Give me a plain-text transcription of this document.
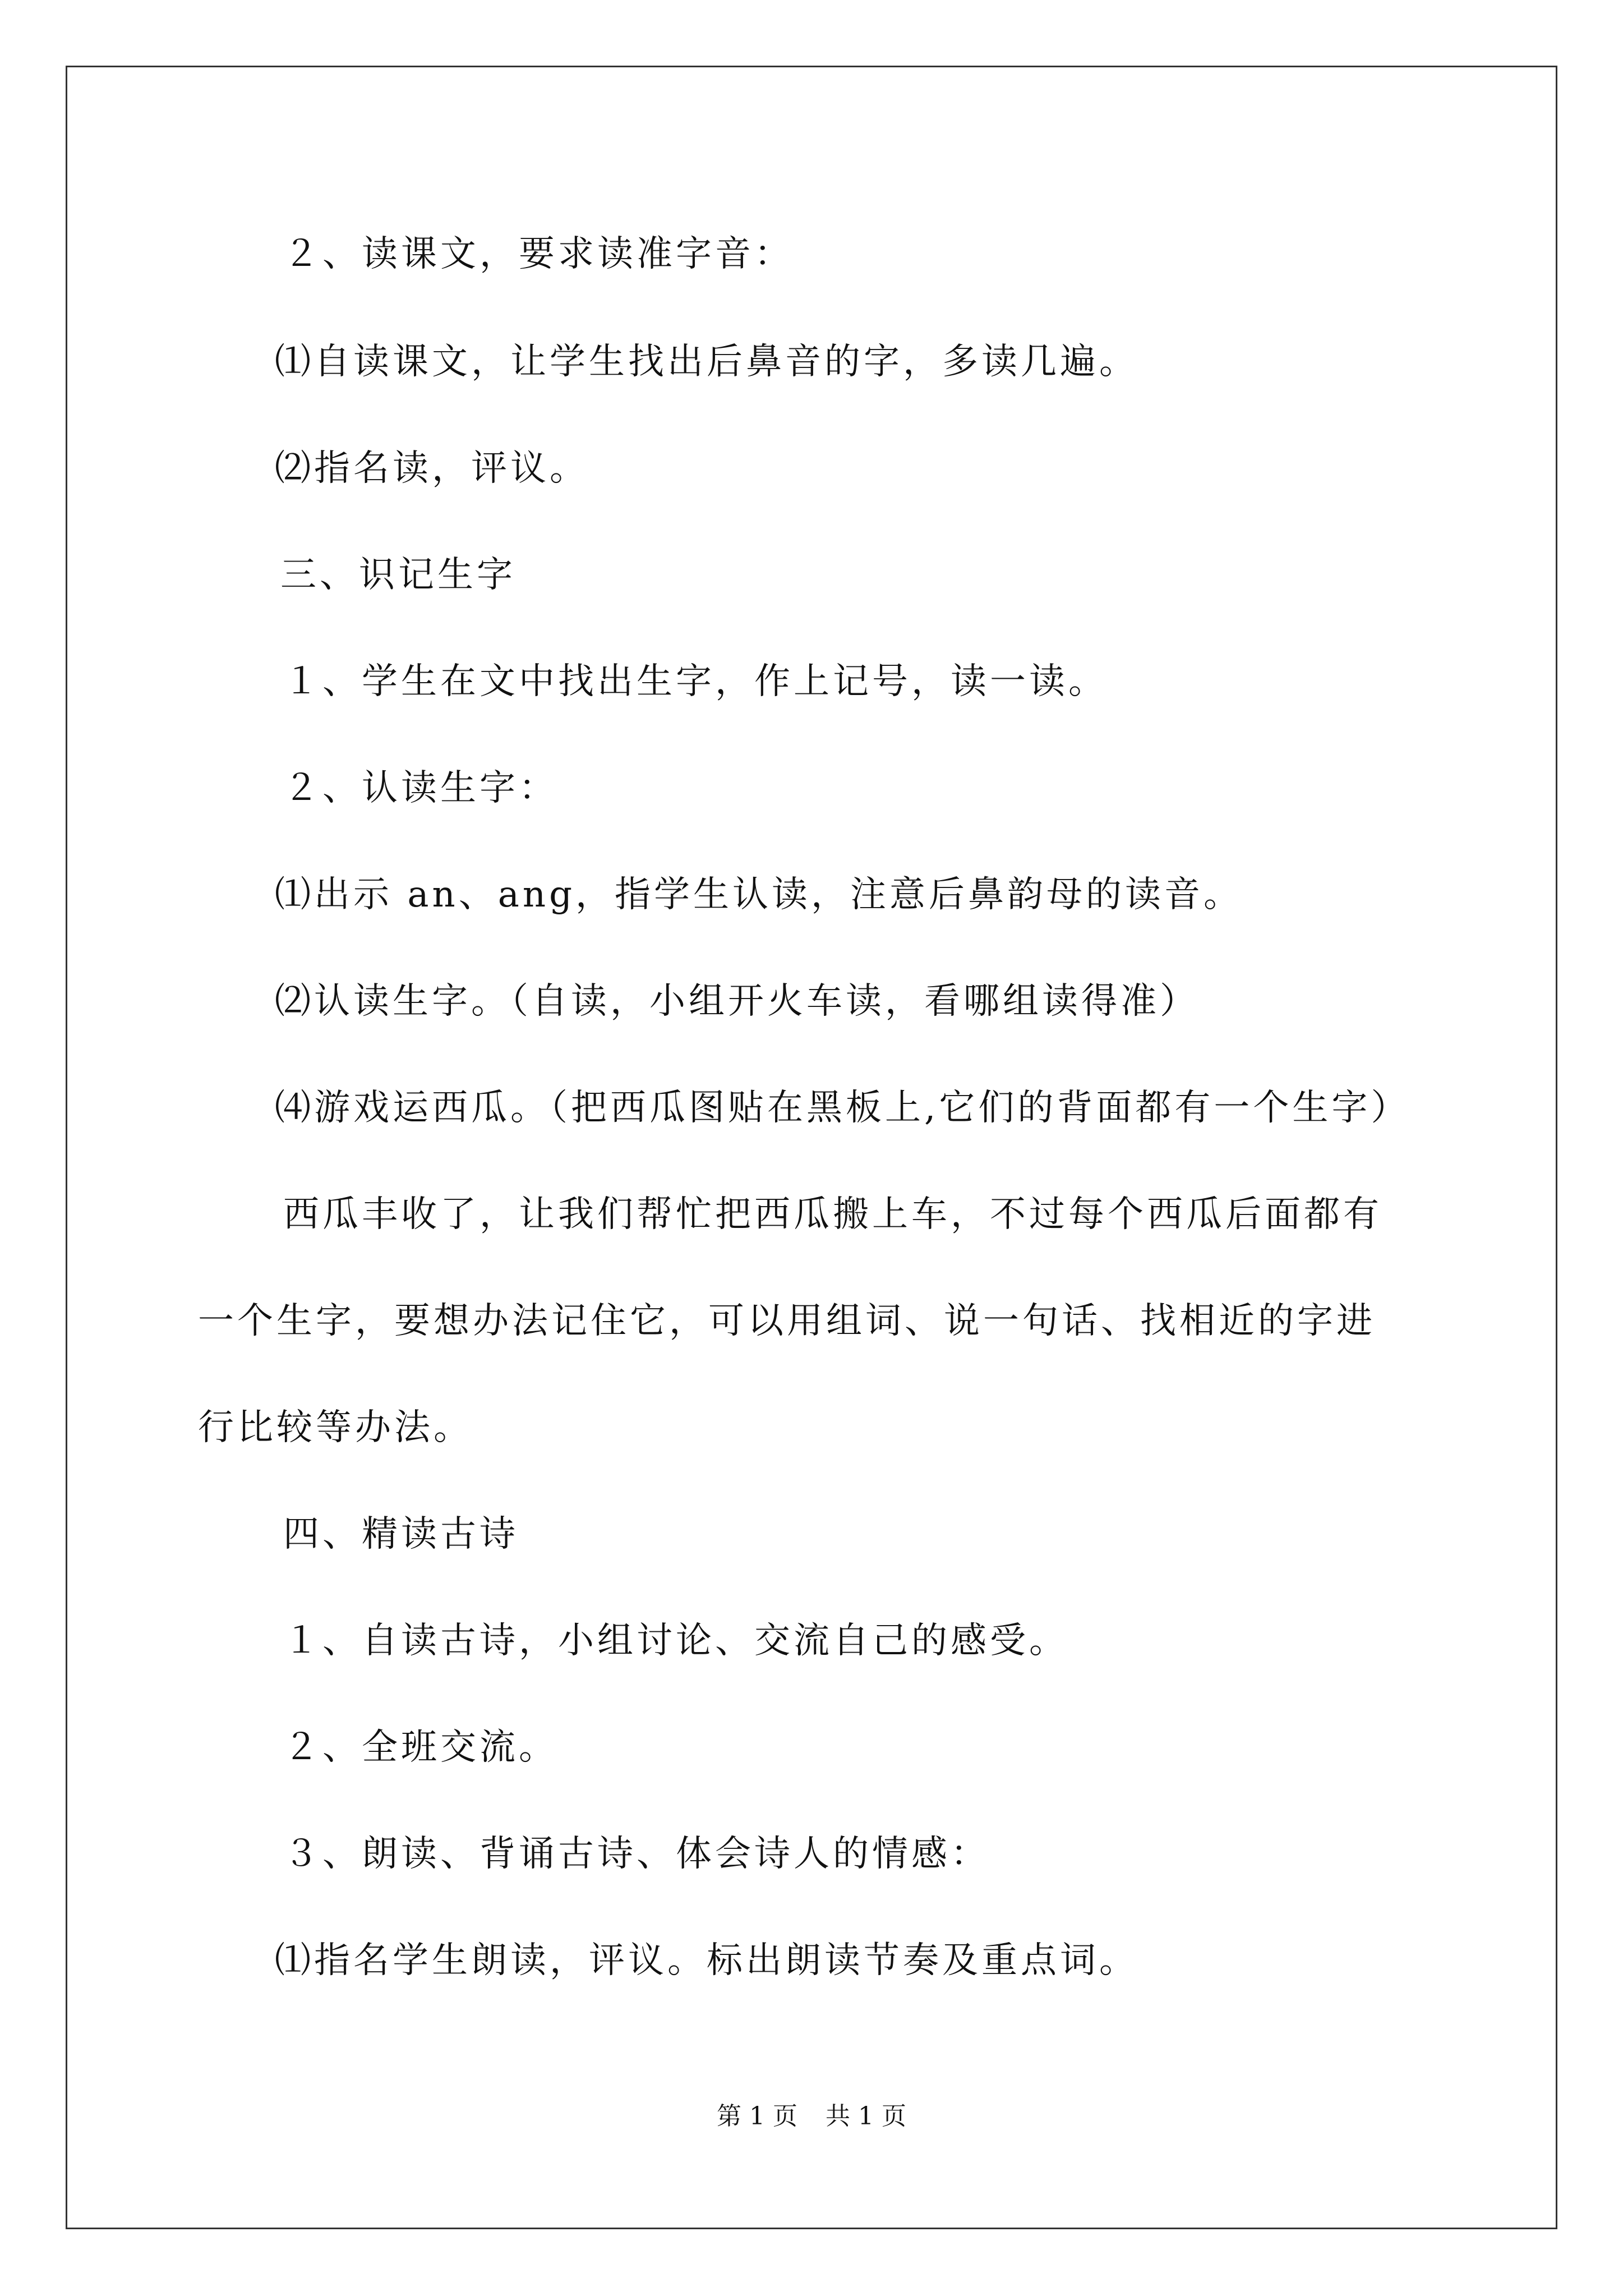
２、读课文，要求读准字音：
⑴自读课文，让学生找出后鼻音的字，多读几遍。
⑵指名读，评议。
三、识记生字
１、学生在文中找出生字，作上记号，读一读。
２、认读生字：
⑴出示 an、ang，指学生认读，注意后鼻韵母的读音。
⑵认读生字。（自读，小组开火车读，看哪组读得准）
⑷游戏运西瓜。（把西瓜图贴在黑板上,它们的背面都有一个生字）
西瓜丰收了，让我们帮忙把西瓜搬上车，不过每个西瓜后面都有
一个生字，要想办法记住它，可以用组词、说一句话、找相近的字进
行比较等办法。
四、精读古诗
１、自读古诗，小组讨论、交流自己的感受。
２、全班交流。
３、朗读、背诵古诗、体会诗人的情感：
⑴指名学生朗读，评议。标出朗读节奏及重点词。
第 1 页 共 1 页
